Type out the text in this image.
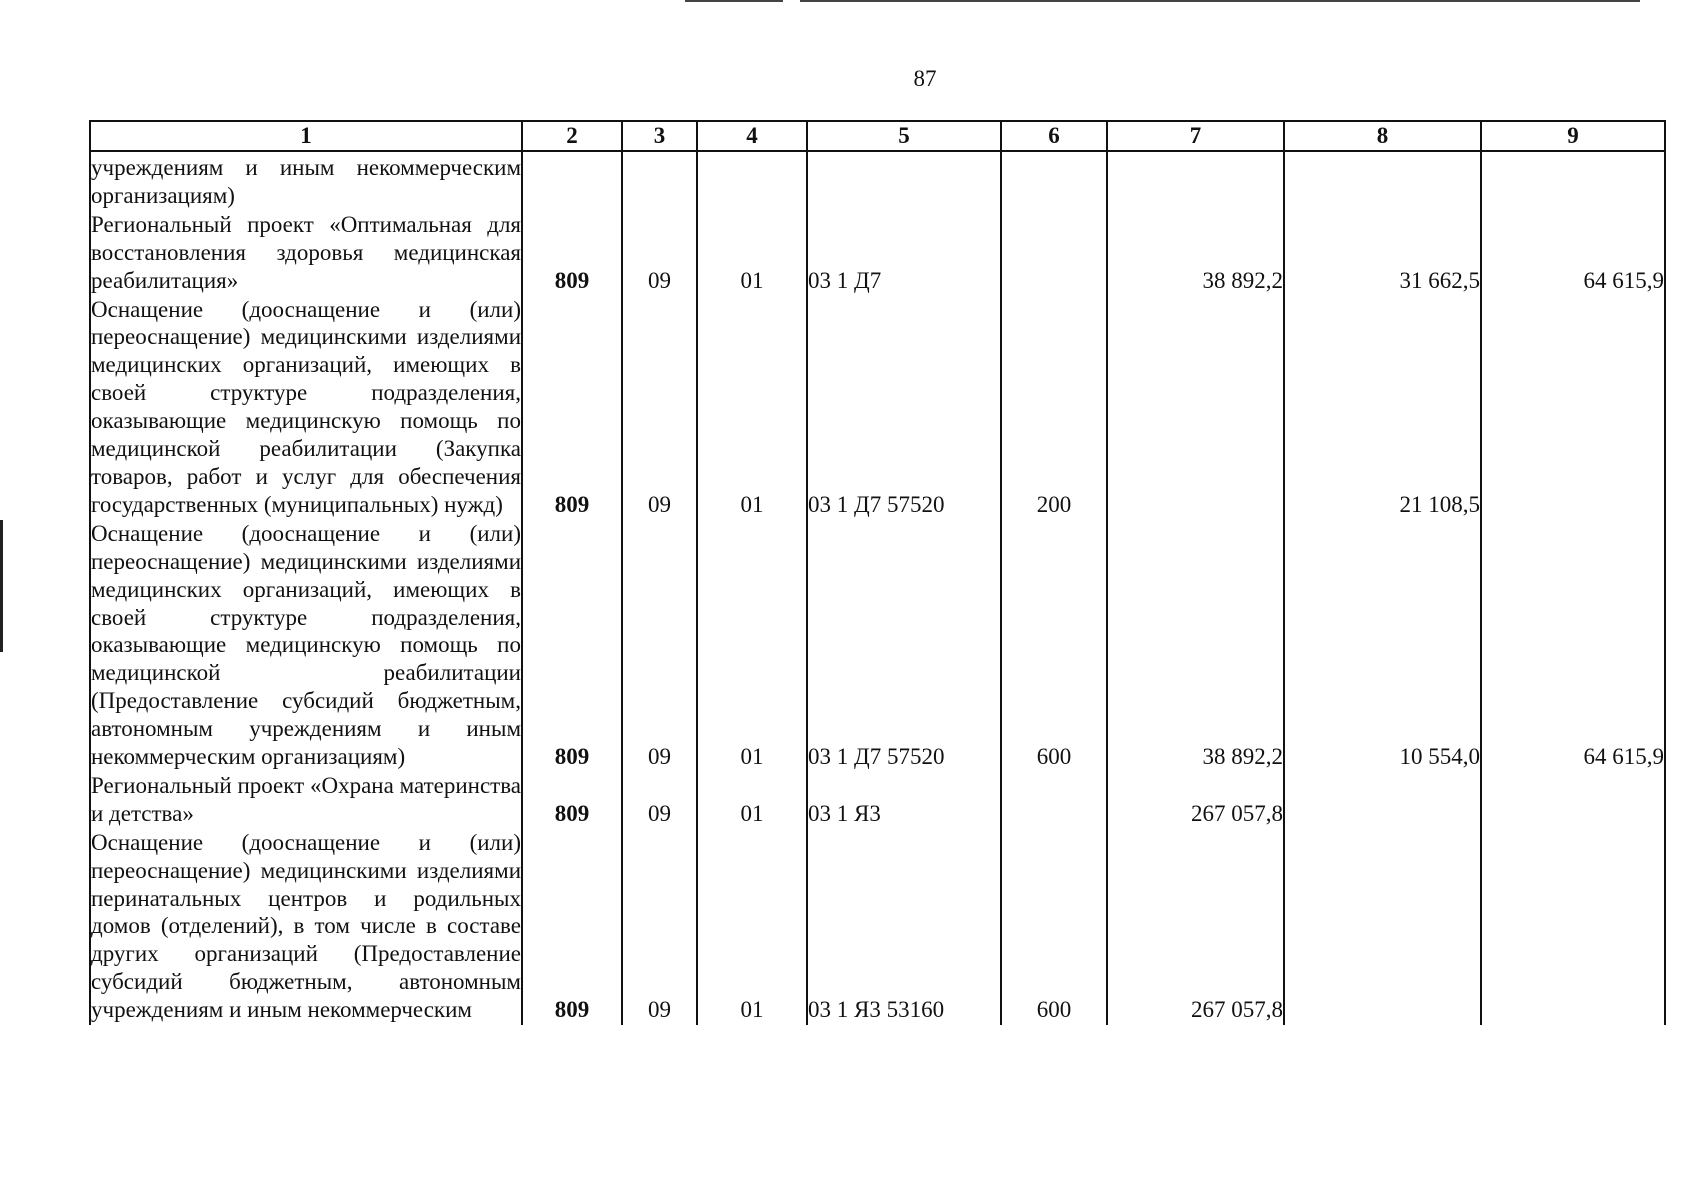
87
1	2	3	4	5	6	7	8	9
учреждениям и иным некоммерческим организациям)								
Региональный проект «Оптимальная для восстановления здоровья медицинская реабилитация»	809	09	01	03 1 Д7		38 892,2	31 662,5	64 615,9
Оснащение (дооснащение и (или) переоснащение) медицинскими изделиями медицинских организаций, имеющих в своей структуре подразделения, оказывающие медицинскую помощь по медицинской реабилитации (Закупка товаров, работ и услуг для обеспечения государственных (муниципальных) нужд)	809	09	01	03 1 Д7 57520	200		21 108,5	
Оснащение (дооснащение и (или) переоснащение) медицинскими изделиями медицинских организаций, имеющих в своей структуре подразделения, оказывающие медицинскую помощь по медицинской реабилитации (Предоставление субсидий бюджетным, автономным учреждениям и иным некоммерческим организациям)	809	09	01	03 1 Д7 57520	600	38 892,2	10 554,0	64 615,9
Региональный проект «Охрана материнства и детства»	809	09	01	03 1 Я3		267 057,8		
Оснащение (дооснащение и (или) переоснащение) медицинскими изделиями перинатальных центров и родильных домов (отделений), в том числе в составе других организаций (Предоставление субсидий бюджетным, автономным учреждениям и иным некоммерческим	809	09	01	03 1 Я3 53160	600	267 057,8		
